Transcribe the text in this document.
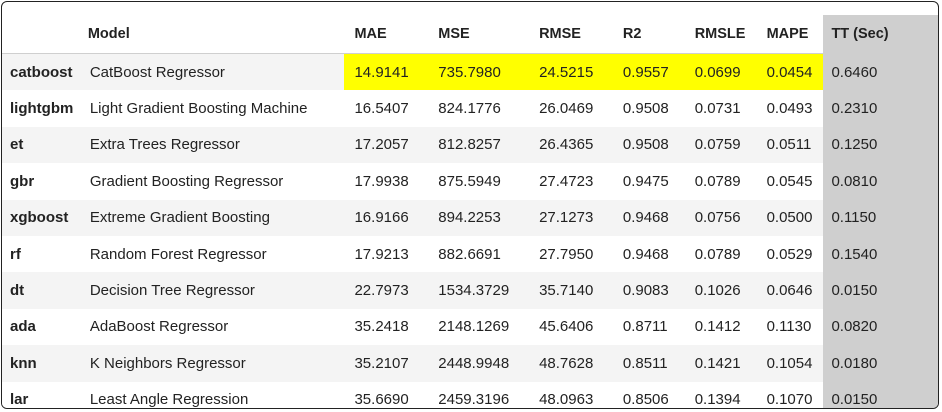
	Model	MAE	MSE	RMSE	R2	RMSLE	MAPE	TT (Sec)
catboost	CatBoost Regressor	14.9141	735.7980	24.5215	0.9557	0.0699	0.0454	0.6460
lightgbm	Light Gradient Boosting Machine	16.5407	824.1776	26.0469	0.9508	0.0731	0.0493	0.2310
et	Extra Trees Regressor	17.2057	812.8257	26.4365	0.9508	0.0759	0.0511	0.1250
gbr	Gradient Boosting Regressor	17.9938	875.5949	27.4723	0.9475	0.0789	0.0545	0.0810
xgboost	Extreme Gradient Boosting	16.9166	894.2253	27.1273	0.9468	0.0756	0.0500	0.1150
rf	Random Forest Regressor	17.9213	882.6691	27.7950	0.9468	0.0789	0.0529	0.1540
dt	Decision Tree Regressor	22.7973	1534.3729	35.7140	0.9083	0.1026	0.0646	0.0150
ada	AdaBoost Regressor	35.2418	2148.1269	45.6406	0.8711	0.1412	0.1130	0.0820
knn	K Neighbors Regressor	35.2107	2448.9948	48.7628	0.8511	0.1421	0.1054	0.0180
lar	Least Angle Regression	35.6690	2459.3196	48.0963	0.8506	0.1394	0.1070	0.0150
